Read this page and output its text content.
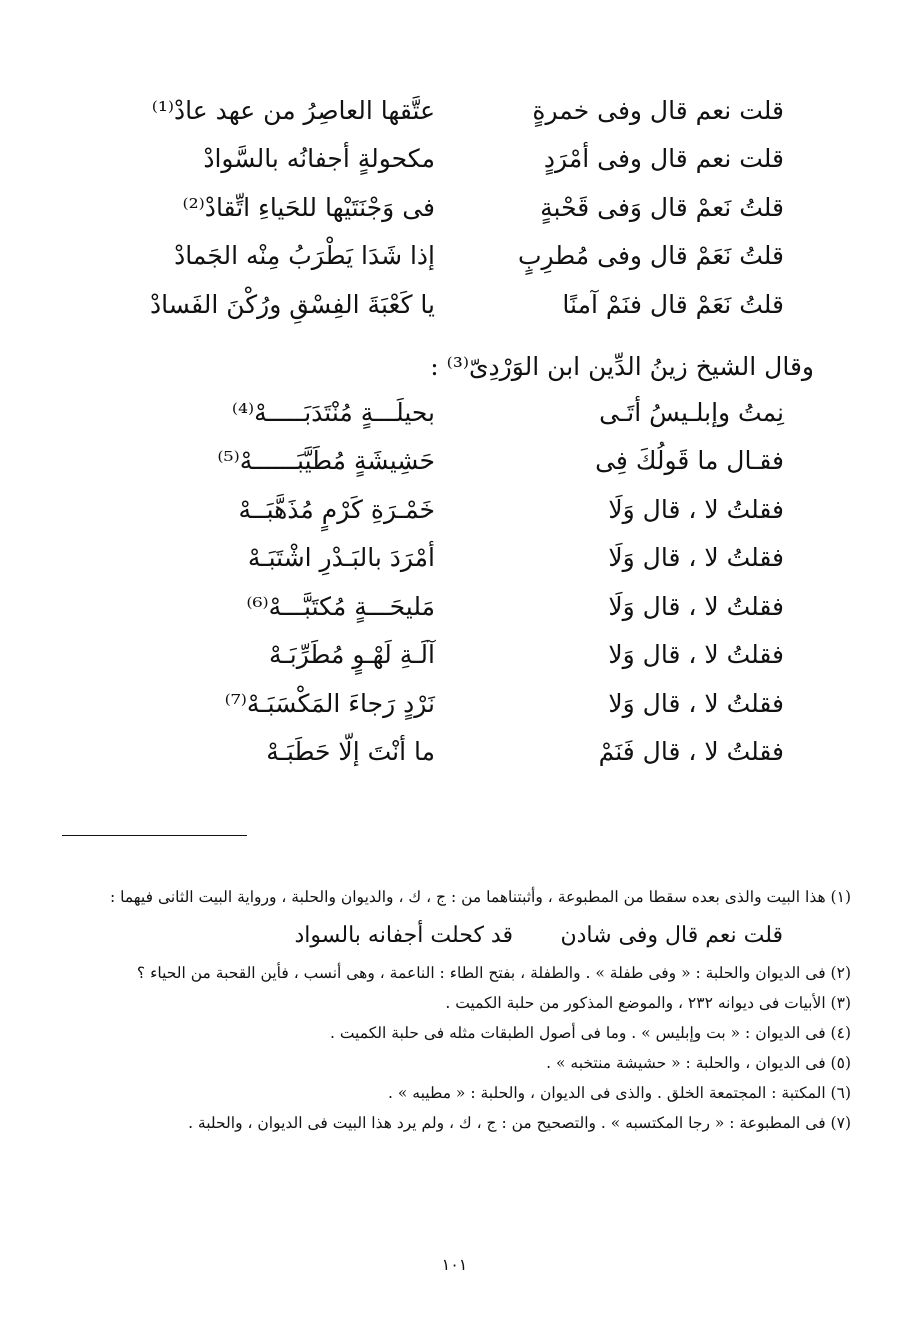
قلت نعم قال وفى خمرةٍ
عتَّقها العاصِرُ من عهد عادْ⁽¹⁾
قلت نعم قال وفى أمْرَدٍ
مكحولةٍ أجفانُه بالسَّوادْ
قلتُ نَعمْ قال وَفى قَحْبةٍ
فى وَجْنَتَيْها للحَياءِ اتِّقادْ⁽²⁾
قلتُ نَعَمْ قال وفى مُطرِبٍ
إذا شَدَا يَطْرَبُ مِنْه الجَمادْ
قلتُ نَعَمْ قال فنَمْ آمنًا
يا كَعْبَةَ الفِسْقِ ورُكْنَ الفَسادْ
وقال الشيخ زينُ الدِّين ابن الوَرْدِىّ⁽³⁾ :
نِمتُ وإبلـيسُ أتَـى
بحيلَـــةٍ مُنْتَدَبَـــــهْ⁽⁴⁾
فقـال ما قَولُكَ فِى
حَشِيشَةٍ مُطَيَّبَــــــهْ⁽⁵⁾
فقلتُ لا ، قال وَلَا
خَمْـرَةِ كَرْمٍ مُذَهَّبَــهْ
فقلتُ لا ، قال وَلَا
أمْرَدَ بالبَـدْرِ اشْتَبَـهْ
فقلتُ لا ، قال وَلَا
مَليحَـــةٍ مُكتَبَّـــهْ⁽⁶⁾
فقلتُ لا ، قال وَلا
آلَـةِ لَهْـوٍ مُطَرِّبَـهْ
فقلتُ لا ، قال وَلا
نَرْدٍ رَجاءَ المَكْسَبَـهْ⁽⁷⁾
فقلتُ لا ، قال فَنَمْ
ما أنْتَ إلّا حَطَبَـهْ
(١) هذا البيت والذى بعده سقطا من المطبوعة ، وأثبتناهما من : ج ، ك ، والديوان والحلبة ، ورواية البيت الثانى فيهما :
قلت نعم قال وفى شادن
قد كحلت أجفانه بالسواد
(٢) فى الديوان والحلبة : « وفى طفلة » . والطفلة ، بفتح الطاء : الناعمة ، وهى أنسب ، فأين القحبة من الحياء ؟
(٣) الأبيات فى ديوانه ٢٣٢ ، والموضع المذكور من حلبة الكميت .
(٤) فى الديوان : « بت وإبليس » . وما فى أصول الطبقات مثله فى حلبة الكميت .
(٥) فى الديوان ، والحلبة : « حشيشة منتخبه » .
(٦) المكتبة : المجتمعة الخلق . والذى فى الديوان ، والحلبة : « مطيبه » .
(٧) فى المطبوعة : « رجا المكتسبه » . والتصحيح من : ج ، ك ، ولم يرد هذا البيت فى الديوان ، والحلبة .
١٠١
